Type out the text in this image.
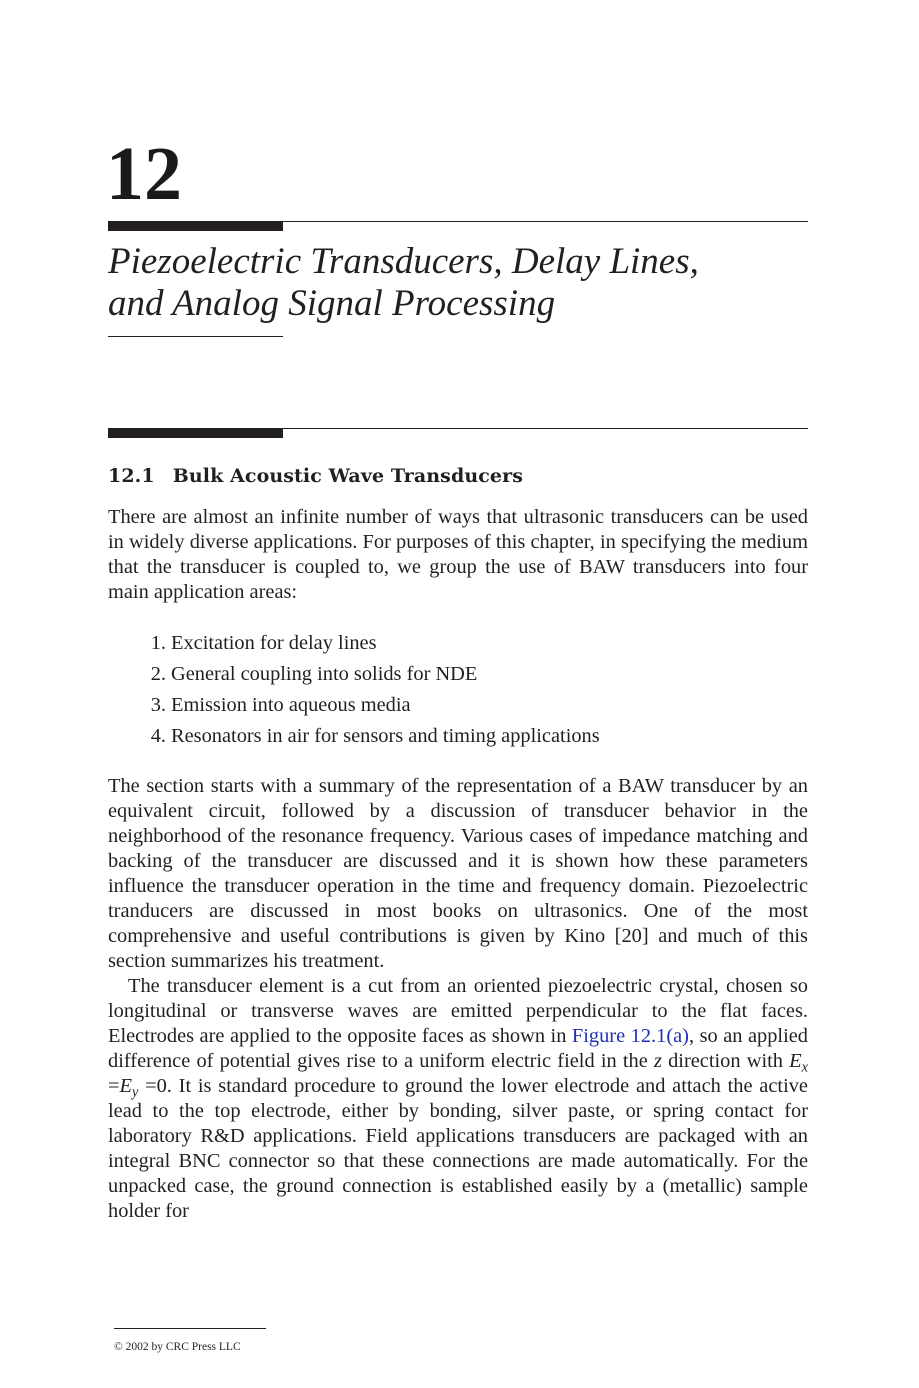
12
Piezoelectric Transducers, Delay Lines,
and Analog Signal Processing
12.1 Bulk Acoustic Wave Transducers

There are almost an infinite number of ways that ultrasonic transducers can be used in widely diverse applications. For purposes of this chapter, in specifying the medium that the transducer is coupled to, we group the use of BAW transducers into four main application areas:

1. Excitation for delay lines
2. General coupling into solids for NDE
3. Emission into aqueous media
4. Resonators in air for sensors and timing applications

The section starts with a summary of the representation of a BAW transducer by an equivalent circuit, followed by a discussion of transducer behavior in the neighborhood of the resonance frequency. Various cases of impedance matching and backing of the transducer are discussed and it is shown how these parameters influence the transducer operation in the time and frequency domain. Piezoelectric tranducers are discussed in most books on ultrasonics. One of the most comprehensive and useful contributions is given by Kino [20] and much of this section summarizes his treatment.

The transducer element is a cut from an oriented piezoelectric crystal, chosen so longitudinal or transverse waves are emitted perpendicular to the flat faces. Electrodes are applied to the opposite faces as shown in Figure 12.1(a), so an applied difference of potential gives rise to a uniform electric field in the z direction with $E_x =E_y =0$. It is standard procedure to ground the lower electrode and attach the active lead to the top electrode, either by bonding, silver paste, or spring contact for laboratory R&D applications. Field applications transducers are packaged with an integral BNC connector so that these connections are made automatically. For the unpacked case, the ground connection is established easily by a (metallic) sample holder for

© 2002 by CRC Press LLC
